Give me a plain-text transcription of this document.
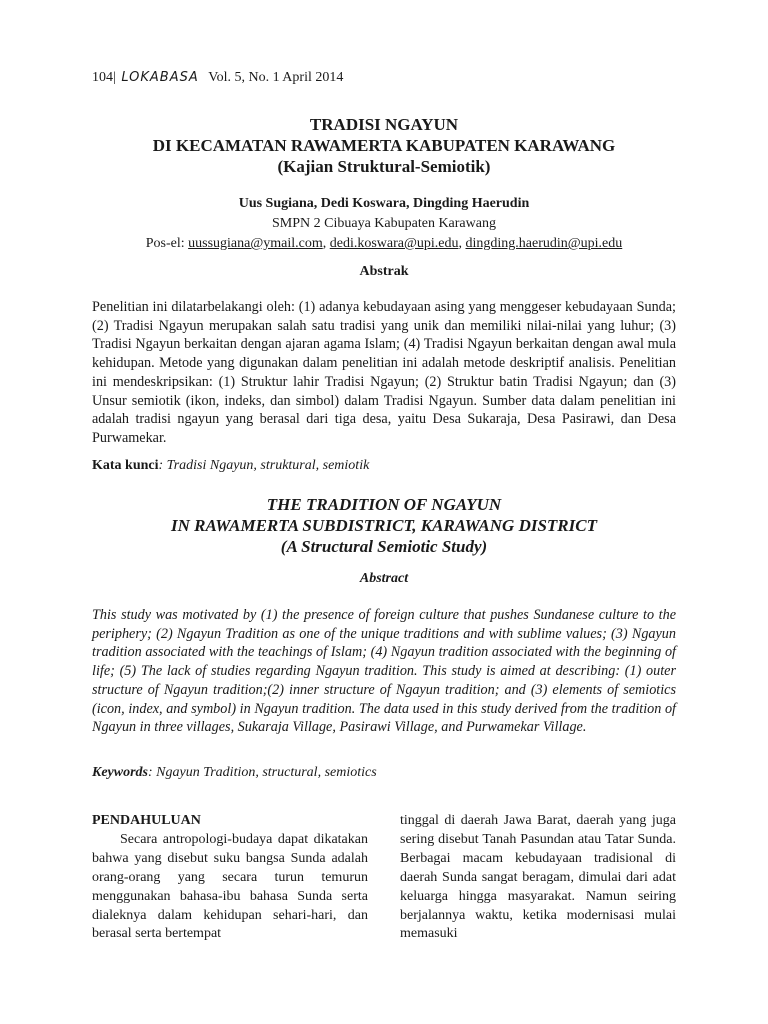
104| LOKABASA Vol. 5, No. 1 April 2014
TRADISI NGAYUN
DI KECAMATAN RAWAMERTA KABUPATEN KARAWANG
(Kajian Struktural-Semiotik)
Uus Sugiana, Dedi Koswara, Dingding Haerudin
SMPN 2 Cibuaya Kabupaten Karawang
Pos-el: uussugiana@ymail.com, dedi.koswara@upi.edu, dingding.haerudin@upi.edu
Abstrak
Penelitian ini dilatarbelakangi oleh: (1) adanya kebudayaan asing yang menggeser kebudayaan Sunda; (2) Tradisi Ngayun merupakan salah satu tradisi yang unik dan memiliki nilai-nilai yang luhur; (3) Tradisi Ngayun berkaitan dengan ajaran agama Islam; (4) Tradisi Ngayun berkaitan dengan awal mula kehidupan. Metode yang digunakan dalam penelitian ini adalah metode deskriptif analisis. Penelitian ini mendeskripsikan: (1) Struktur lahir Tradisi Ngayun; (2) Struktur batin Tradisi Ngayun; dan (3) Unsur semiotik (ikon, indeks, dan simbol) dalam Tradisi Ngayun. Sumber data dalam penelitian ini adalah tradisi ngayun yang berasal dari tiga desa, yaitu Desa Sukaraja, Desa Pasirawi, dan Desa Purwamekar.
Kata kunci: Tradisi Ngayun, struktural, semiotik
THE TRADITION OF NGAYUN
IN RAWAMERTA SUBDISTRICT, KARAWANG DISTRICT
(A Structural Semiotic Study)
Abstract
This study was motivated by (1) the presence of foreign culture that pushes Sundanese culture to the periphery; (2) Ngayun Tradition as one of the unique traditions and with sublime values; (3) Ngayun tradition associated with the teachings of Islam; (4) Ngayun tradition associated with the beginning of life; (5) The lack of studies regarding Ngayun tradition. This study is aimed at describing: (1) outer structure of Ngayun tradition;(2) inner structure of Ngayun tradition; and (3) elements of semiotics (icon, index, and symbol) in Ngayun tradition. The data used in this study derived from the tradition of Ngayun in three villages, Sukaraja Village, Pasirawi Village, and Purwamekar Village.
Keywords: Ngayun Tradition, structural, semiotics
PENDAHULUAN

Secara antropologi-budaya dapat dikatakan bahwa yang disebut suku bangsa Sunda adalah orang-orang yang secara turun temurun menggunakan bahasa-ibu bahasa Sunda serta dialeknya dalam kehidupan sehari-hari, dan berasal serta bertempat

tinggal di daerah Jawa Barat, daerah yang juga sering disebut Tanah Pasundan atau Tatar Sunda. Berbagai macam kebudayaan tradisional di daerah Sunda sangat beragam, dimulai dari adat keluarga hingga masyarakat. Namun seiring berjalannya waktu, ketika modernisasi mulai memasuki
